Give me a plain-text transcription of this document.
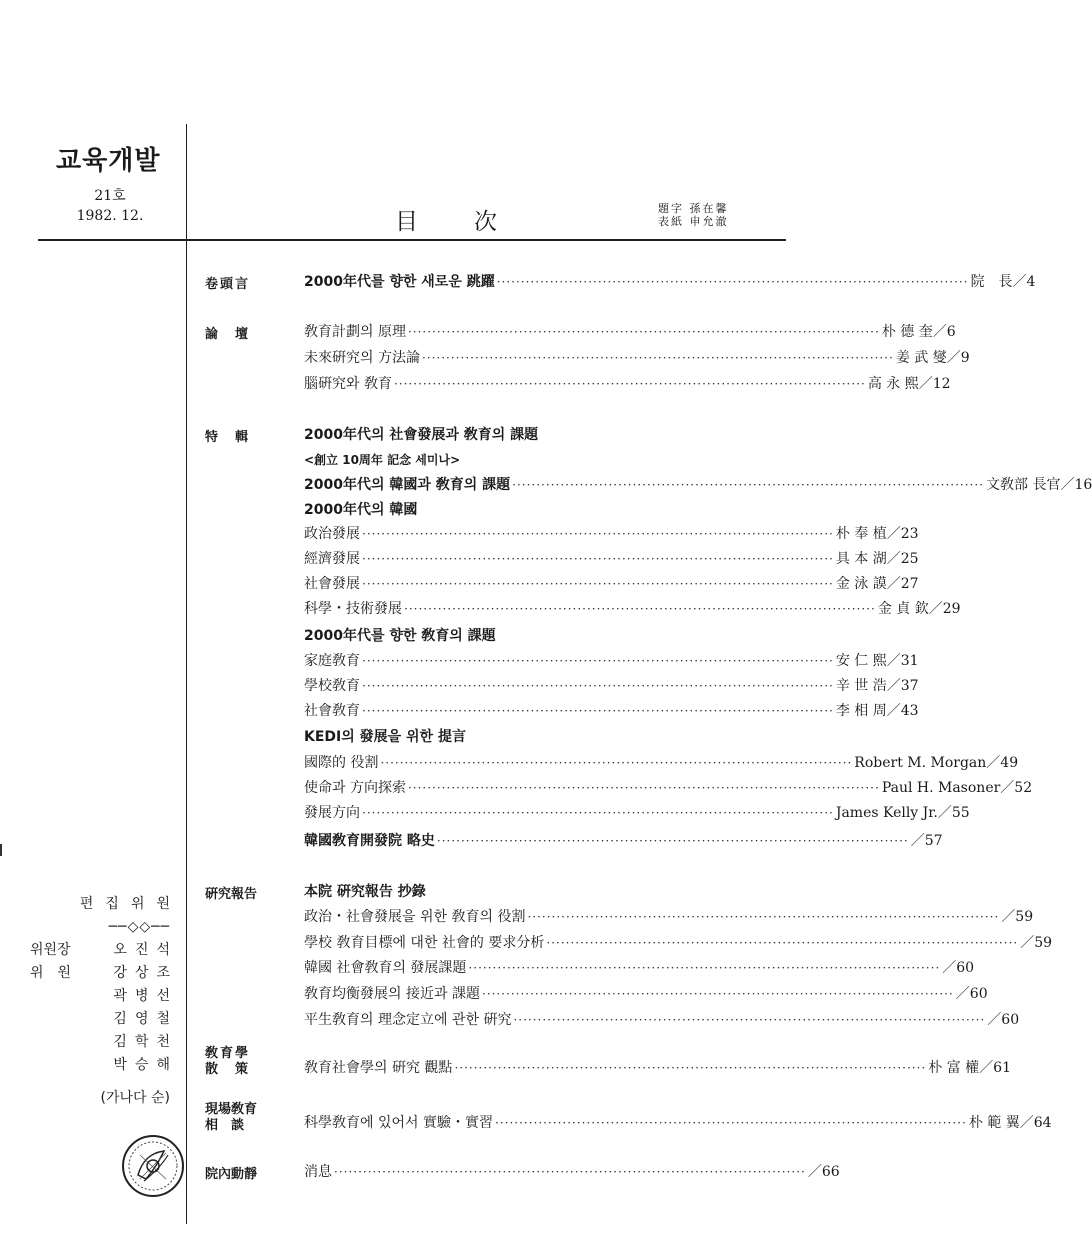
교육개발
21호
1982. 12.	目次
題字 孫在馨
表紙 申允澈
卷頭言	2000年代를 향한 새로운 跳躍 ·································································································· 院　長／4
論　壇	敎育計劃의 原理 ·································································································· 朴 德 奎／6
未來硏究의 方法論 ·································································································· 姜 武 燮／9
腦硏究와 敎育 ·································································································· 高 永 熙／12
特　輯	2000年代의 社會發展과 敎育의 課題
<創立 10周年 記念 세미나>
2000年代의 韓國과 敎育의 課題 ·································································································· 文敎部 長官／16
2000年代의 韓國
政治發展 ·································································································· 朴 奉 植／23
經濟發展 ·································································································· 具 本 湖／25
社會發展 ·································································································· 金 泳 謨／27
科學・技術發展 ·································································································· 金 貞 欽／29
2000年代를 향한 敎育의 課題
家庭敎育 ·································································································· 安 仁 熙／31
學校敎育 ·································································································· 辛 世 浩／37
社會敎育 ·································································································· 李 相 周／43
KEDI의 發展을 위한 提言
國際的 役割 ·································································································· Robert M. Morgan／49
使命과 方向探索 ·································································································· Paul H. Masoner／52
發展方向 ·································································································· James Kelly Jr.／55
韓國敎育開發院 略史 ·································································································· ／57
硏究報告	本院 硏究報告 抄錄
政治・社會發展을 위한 敎育의 役割 ·································································································· ／59
學校 敎育目標에 대한 社會的 要求分析 ·································································································· ／59
韓國 社會敎育의 發展課題 ·································································································· ／60
敎育均衡發展의 接近과 課題 ·································································································· ／60
平生敎育의 理念定立에 관한 硏究 ·································································································· ／60
敎育學
散　策	敎育社會學의 硏究 觀點 ·································································································· 朴 富 權／61
現場敎育
相　談	科學敎育에 있어서 實驗・實習 ·································································································· 朴 範 翼／64
院內動靜	消息 ·································································································· ／66
편집위원
──◇◇──
위원장	오진석
위　원	강상조
곽병선
김영철
김학천
박승해
(가나다 순)
